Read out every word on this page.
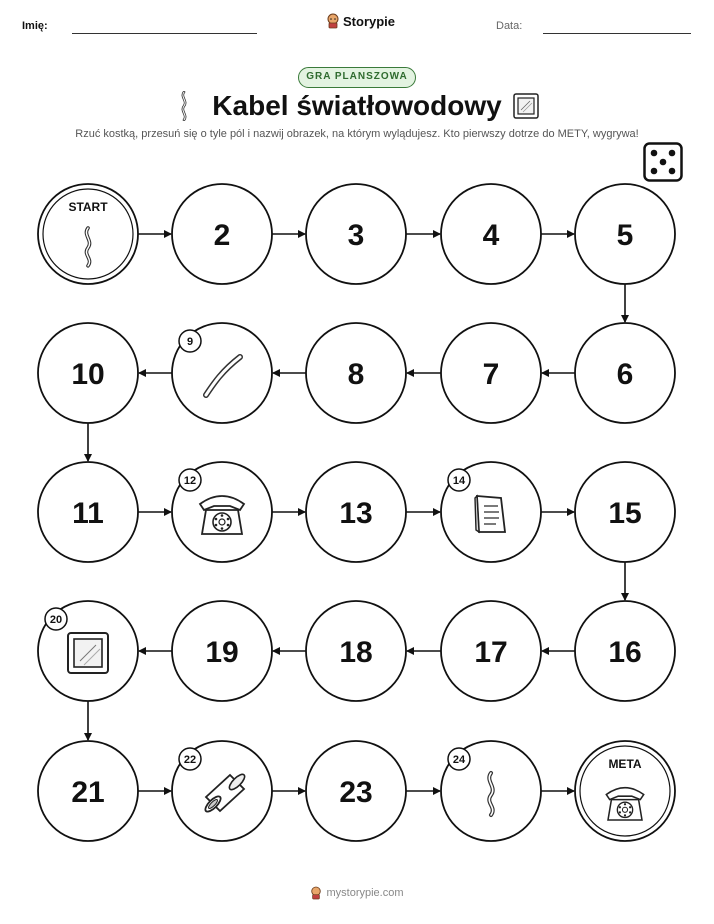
Imię:	Storypie	Data:
GRA PLANSZOWA
Kabel światłowodowy
Rzuć kostką, przesuń się o tyle pól i nazwij obrazek, na którym wylądujesz. Kto pierwszy dotrze do METY, wygrywa!
START
2	3	4	5
6
7
8
9
10
11
12
13
14
15
16
17
18
19
20
21
22
23
24	META
mystorypie.com
